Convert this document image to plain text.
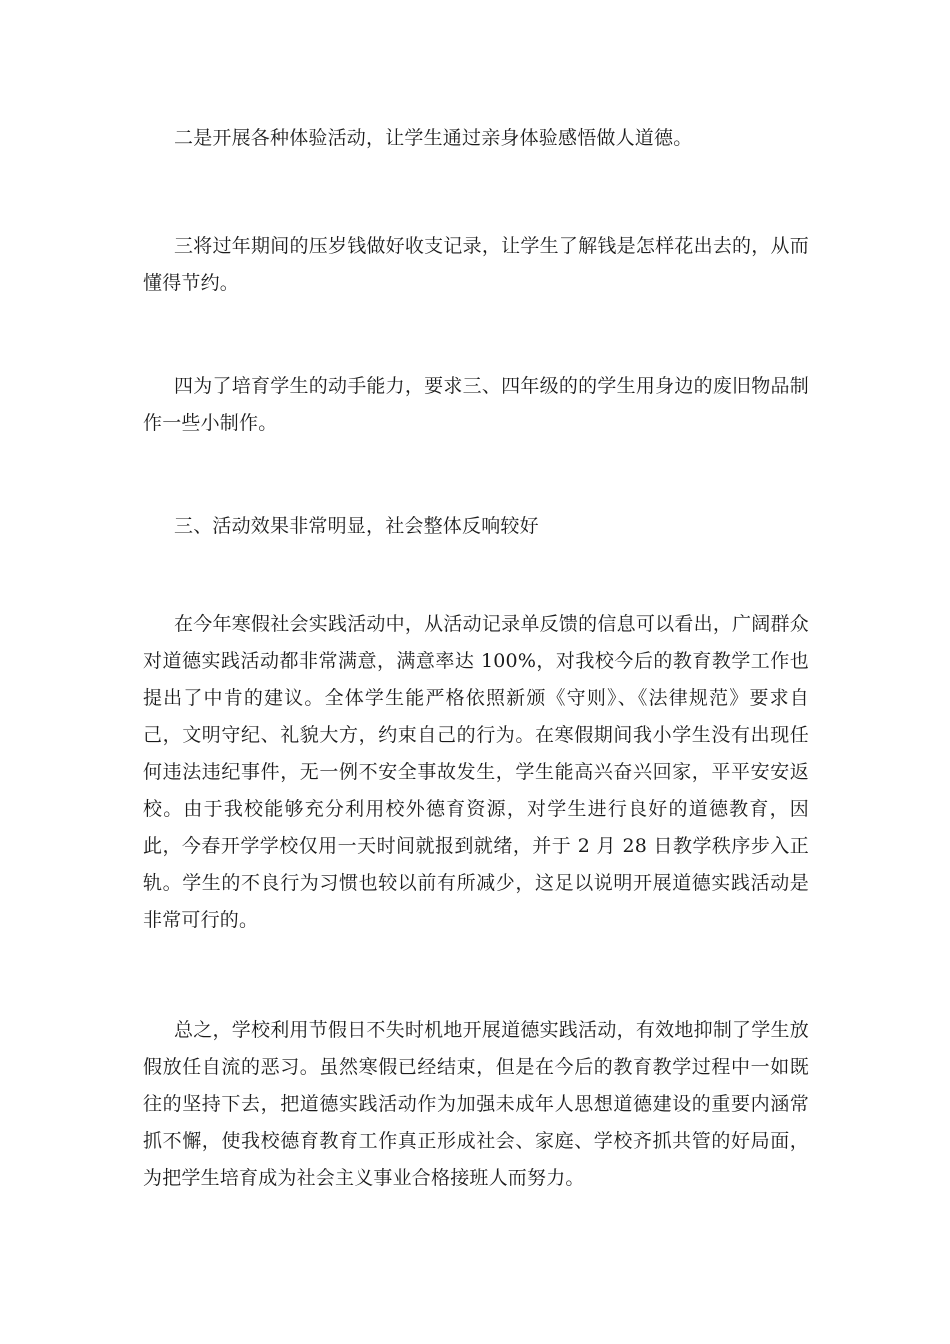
二是开展各种体验活动，让学生通过亲身体验感悟做人道德。

三将过年期间的压岁钱做好收支记录，让学生了解钱是怎样花出去的，从而懂得节约。

四为了培育学生的动手能力，要求三、四年级的的学生用身边的废旧物品制作一些小制作。

三、活动效果非常明显，社会整体反响较好

在今年寒假社会实践活动中，从活动记录单反馈的信息可以看出，广阔群众对道德实践活动都非常满意，满意率达 100%，对我校今后的教育教学工作也提出了中肯的建议。全体学生能严格依照新颁《守则》、《法律规范》要求自己，文明守纪、礼貌大方，约束自己的行为。在寒假期间我小学生没有出现任何违法违纪事件，无一例不安全事故发生，学生能高兴奋兴回家，平平安安返校。由于我校能够充分利用校外德育资源，对学生进行良好的道德教育，因此，今春开学学校仅用一天时间就报到就绪，并于 2 月 28 日教学秩序步入正轨。学生的不良行为习惯也较以前有所减少，这足以说明开展道德实践活动是非常可行的。

总之，学校利用节假日不失时机地开展道德实践活动，有效地抑制了学生放假放任自流的恶习。虽然寒假已经结束，但是在今后的教育教学过程中一如既往的坚持下去，把道德实践活动作为加强未成年人思想道德建设的重要内涵常抓不懈，使我校德育教育工作真正形成社会、家庭、学校齐抓共管的好局面，为把学生培育成为社会主义事业合格接班人而努力。
